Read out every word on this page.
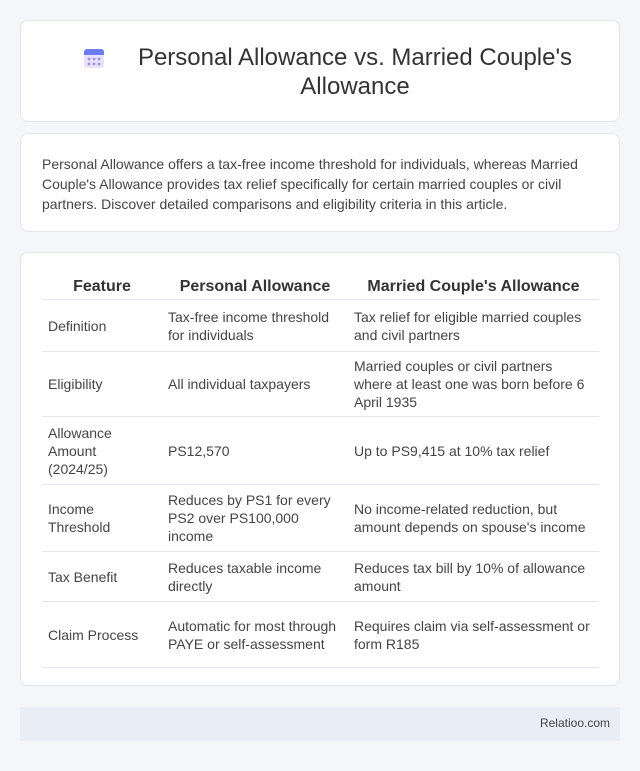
Personal Allowance vs. Married Couple's Allowance

Personal Allowance offers a tax-free income threshold for individuals, whereas Married Couple's Allowance provides tax relief specifically for certain married couples or civil partners. Discover detailed comparisons and eligibility criteria in this article.

Feature	Personal Allowance	Married Couple's Allowance
Definition	Tax-free income threshold for individuals	Tax relief for eligible married couples and civil partners
Eligibility	All individual taxpayers	Married couples or civil partners where at least one was born before 6 April 1935
Allowance Amount (2024/25)	PS12,570	Up to PS9,415 at 10% tax relief
Income Threshold	Reduces by PS1 for every PS2 over PS100,000 income	No income-related reduction, but amount depends on spouse's income
Tax Benefit	Reduces taxable income directly	Reduces tax bill by 10% of allowance amount
Claim Process	Automatic for most through PAYE or self-assessment	Requires claim via self-assessment or form R185
Relatioo.com
